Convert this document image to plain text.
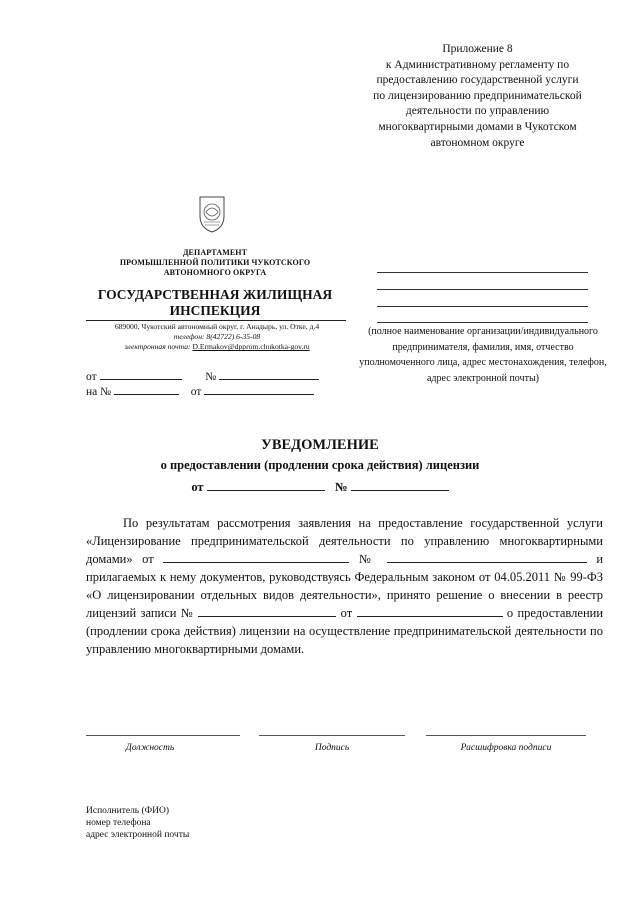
Приложение 8
к Административному регламенту по
предоставлению государственной услуги
по лицензированию предпринимательской
деятельности по управлению
многоквартирными домами в Чукотском
автономном округе
ДЕПАРТАМЕНТ
ПРОМЫШЛЕННОЙ ПОЛИТИКИ ЧУКОТСКОГО
АВТОНОМНОГО ОКРУГА
ГОСУДАРСТВЕННАЯ ЖИЛИЩНАЯ
ИНСПЕКЦИЯ
689000, Чукотский автономный округ, г. Анадырь, ул. Отке, д.4
телефон: 8(42722) 6-35-08
электронная почта: D.Ermakov@dpprom.chukotka-gov.ru
(полное наименование организации/индивидуального предпринимателя, фамилия, имя, отчество уполномоченного лица, адрес местонахождения, телефон, адрес электронной почты)
от	№
на №	от
УВЕДОМЛЕНИЕ
о предоставлении (продлении срока действия) лицензии
от	№

По результатам рассмотрения заявления на предоставление государственной услуги «Лицензирование предпринимательской деятельности по управлению многоквартирными домами» от	№	и прилагаемых к нему документов, руководствуясь Федеральным законом от 04.05.2011 № 99-ФЗ «О лицензировании отдельных видов деятельности», принято решение о внесении в реестр лицензий записи №	от	о предоставлении (продлении срока действия) лицензии на осуществление предпринимательской деятельности по управлению многоквартирными домами.

Должность	Подпись	Расшифровка подписи
Исполнитель (ФИО)
номер телефона
адрес электронной почты
